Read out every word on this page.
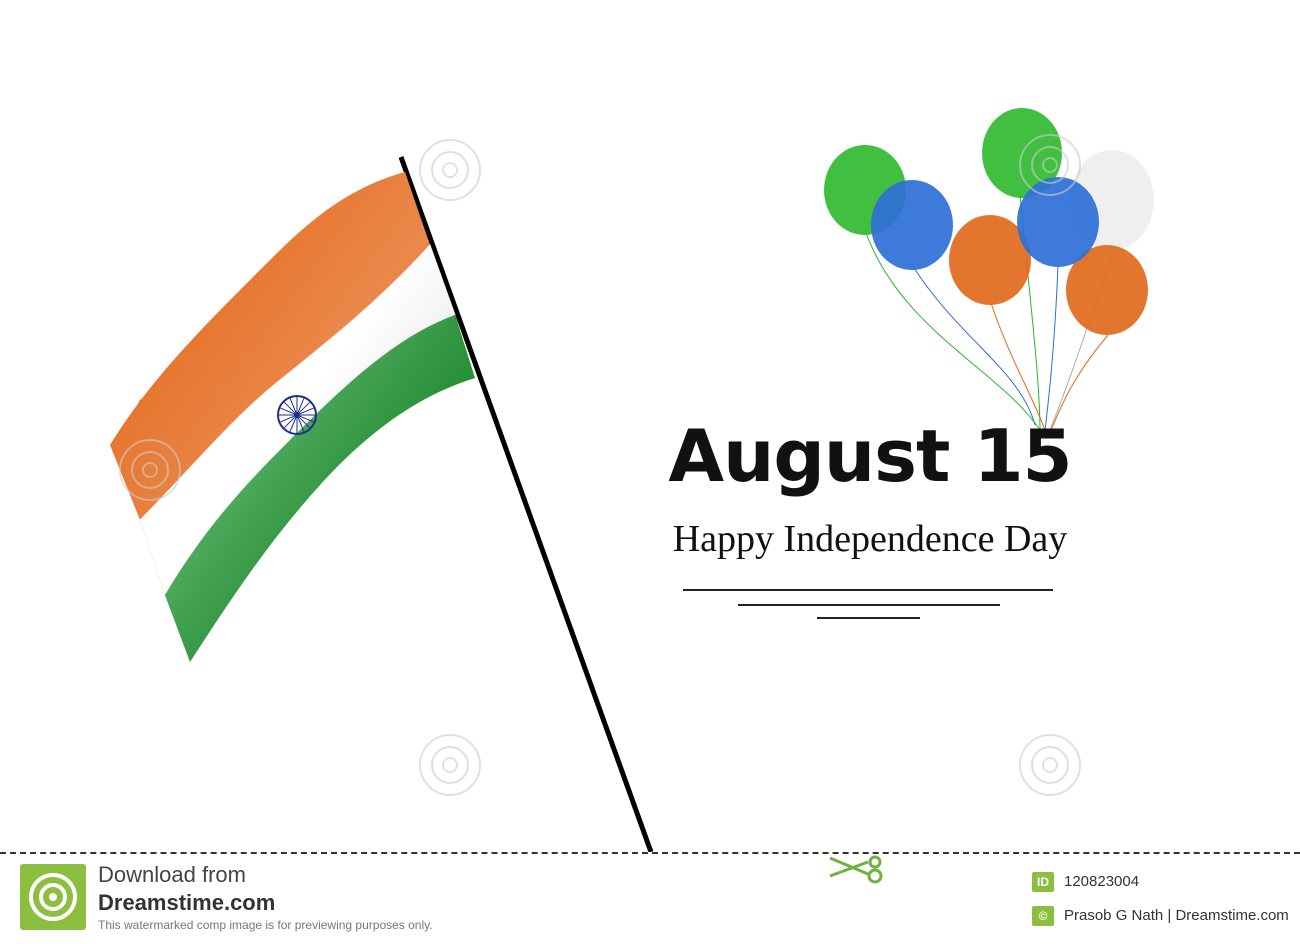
August 15
Happy Independence Day
Download from
Dreamstime.com
This watermarked comp image is for previewing purposes only.
ID	120823004
©	Prasob G Nath | Dreamstime.com
